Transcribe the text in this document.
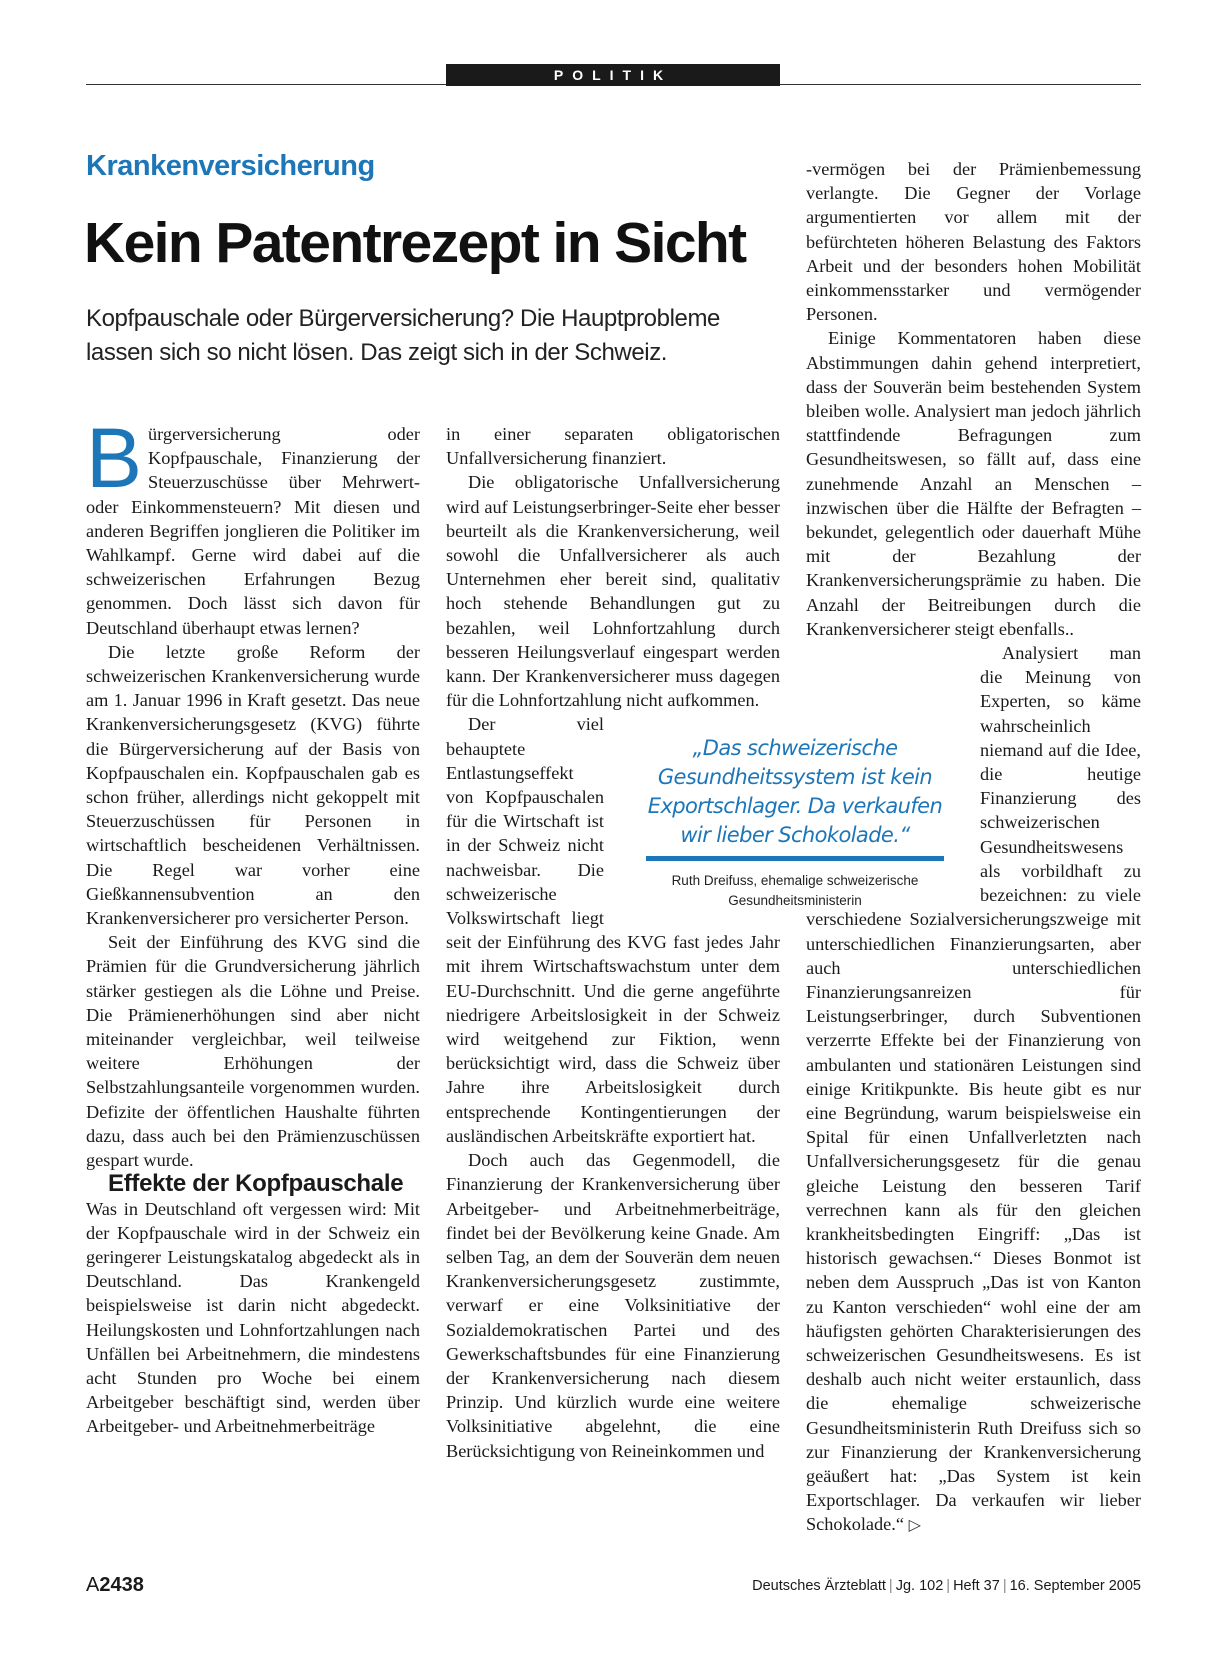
POLITIK
Krankenversicherung
Kein Patentrezept in Sicht
Kopfpauschale oder Bürgerversicherung? Die Hauptprobleme lassen sich so nicht lösen. Das zeigt sich in der Schweiz.

Bürgerversicherung oder Kopfpauschale, Finanzierung der Steuerzuschüsse über Mehrwert- oder Einkommensteuern? Mit diesen und anderen Begriffen jonglieren die Politiker im Wahlkampf. Gerne wird dabei auf die schweizerischen Erfahrungen Bezug genommen. Doch lässt sich davon für Deutschland überhaupt etwas lernen?

Die letzte große Reform der schweizerischen Krankenversicherung wurde am 1. Januar 1996 in Kraft gesetzt. Das neue Krankenversicherungsgesetz (KVG) führte die Bürgerversicherung auf der Basis von Kopfpauschalen ein. Kopfpauschalen gab es schon früher, allerdings nicht gekoppelt mit Steuerzuschüssen für Personen in wirtschaftlich bescheidenen Verhältnissen. Die Regel war vorher eine Gießkannensubvention an den Krankenversicherer pro versicherter Person.

Seit der Einführung des KVG sind die Prämien für die Grundversicherung jährlich stärker gestiegen als die Löhne und Preise. Die Prämienerhöhungen sind aber nicht miteinander vergleichbar, weil teilweise weitere Erhöhungen der Selbstzahlungsanteile vorgenommen wurden. Defizite der öffentlichen Haushalte führten dazu, dass auch bei den Prämienzuschüssen gespart wurde.

Effekte der Kopfpauschale

Was in Deutschland oft vergessen wird: Mit der Kopfpauschale wird in der Schweiz ein geringerer Leistungskatalog abgedeckt als in Deutschland. Das Krankengeld beispielsweise ist darin nicht abgedeckt. Heilungskosten und Lohnfortzahlungen nach Unfällen bei Arbeitnehmern, die mindestens acht Stunden pro Woche bei einem Arbeitgeber beschäftigt sind, werden über Arbeitgeber- und Arbeitnehmerbeiträge

in einer separaten obligatorischen Unfallversicherung finanziert.

Die obligatorische Unfallversicherung wird auf Leistungserbringer-Seite eher besser beurteilt als die Krankenversicherung, weil sowohl die Unfallversicherer als auch Unternehmen eher bereit sind, qualitativ hoch stehende Behandlungen gut zu bezahlen, weil Lohnfortzahlung durch besseren Heilungsverlauf eingespart werden kann. Der Krankenversicherer muss dagegen für die Lohnfortzahlung nicht aufkommen.

Der viel behauptete Entlastungseffekt von Kopfpauschalen für die Wirtschaft ist in der Schweiz nicht nachweisbar. Die schweizerische Volkswirtschaft liegt seit der Einführung des KVG fast jedes Jahr mit ihrem Wirtschaftswachstum unter dem EU-Durchschnitt. Und die gerne angeführte niedrigere Arbeitslosigkeit in der Schweiz wird weitgehend zur Fiktion, wenn berücksichtigt wird, dass die Schweiz über Jahre ihre Arbeitslosigkeit durch entsprechende Kontingentierungen der ausländischen Arbeitskräfte exportiert hat.

Doch auch das Gegenmodell, die Finanzierung der Krankenversicherung über Arbeitgeber- und Arbeitnehmerbeiträge, findet bei der Bevölkerung keine Gnade. Am selben Tag, an dem der Souverän dem neuen Krankenversicherungsgesetz zustimmte, verwarf er eine Volksinitiative der Sozialdemokratischen Partei und des Gewerkschaftsbundes für eine Finanzierung der Krankenversicherung nach diesem Prinzip. Und kürzlich wurde eine weitere Volksinitiative abgelehnt, die eine Berücksichtigung von Reineinkommen und

-vermögen bei der Prämienbemessung verlangte. Die Gegner der Vorlage argumentierten vor allem mit der befürchteten höheren Belastung des Faktors Arbeit und der besonders hohen Mobilität einkommensstarker und vermögender Personen.

Einige Kommentatoren haben diese Abstimmungen dahin gehend interpretiert, dass der Souverän beim bestehenden System bleiben wolle. Analysiert man jedoch jährlich stattfindende Befragungen zum Gesundheitswesen, so fällt auf, dass eine zunehmende Anzahl an Menschen – inzwischen über die Hälfte der Befragten – bekundet, gelegentlich oder dauerhaft Mühe mit der Bezahlung der Krankenversicherungsprämie zu haben. Die Anzahl der Beitreibungen durch die Krankenversicherer steigt ebenfalls..

Analysiert man die Meinung von Experten, so käme wahrscheinlich niemand auf die Idee, die heutige Finanzierung des schweizerischen Gesundheitswesens als vorbildhaft zu bezeichnen: zu viele verschiedene Sozialversicherungszweige mit unterschiedlichen Finanzierungsarten, aber auch unterschiedlichen Finanzierungsanreizen für Leistungserbringer, durch Subventionen verzerrte Effekte bei der Finanzierung von ambulanten und stationären Leistungen sind einige Kritikpunkte. Bis heute gibt es nur eine Begründung, warum beispielsweise ein Spital für einen Unfallverletzten nach Unfallversicherungsgesetz für die genau gleiche Leistung den besseren Tarif verrechnen kann als für den gleichen krankheitsbedingten Eingriff: „Das ist historisch gewachsen.“ Dieses Bonmot ist neben dem Ausspruch „Das ist von Kanton zu Kanton verschieden“ wohl eine der am häufigsten gehörten Charakterisierungen des schweizerischen Gesundheitswesens. Es ist deshalb auch nicht weiter erstaunlich, dass die ehemalige schweizerische Gesundheitsministerin Ruth Dreifuss sich so zur Finanzierung der Krankenversicherung geäußert hat: „Das System ist kein Exportschlager. Da verkaufen wir lieber Schokolade.“ ▷

„Das schweizerische Gesundheitssystem ist kein Exportschlager. Da verkaufen wir lieber Schokolade.“
Ruth Dreifuss, ehemalige schweizerische Gesundheitsministerin
A2438	Deutsches Ärzteblatt | Jg. 102 | Heft 37 | 16. September 2005
